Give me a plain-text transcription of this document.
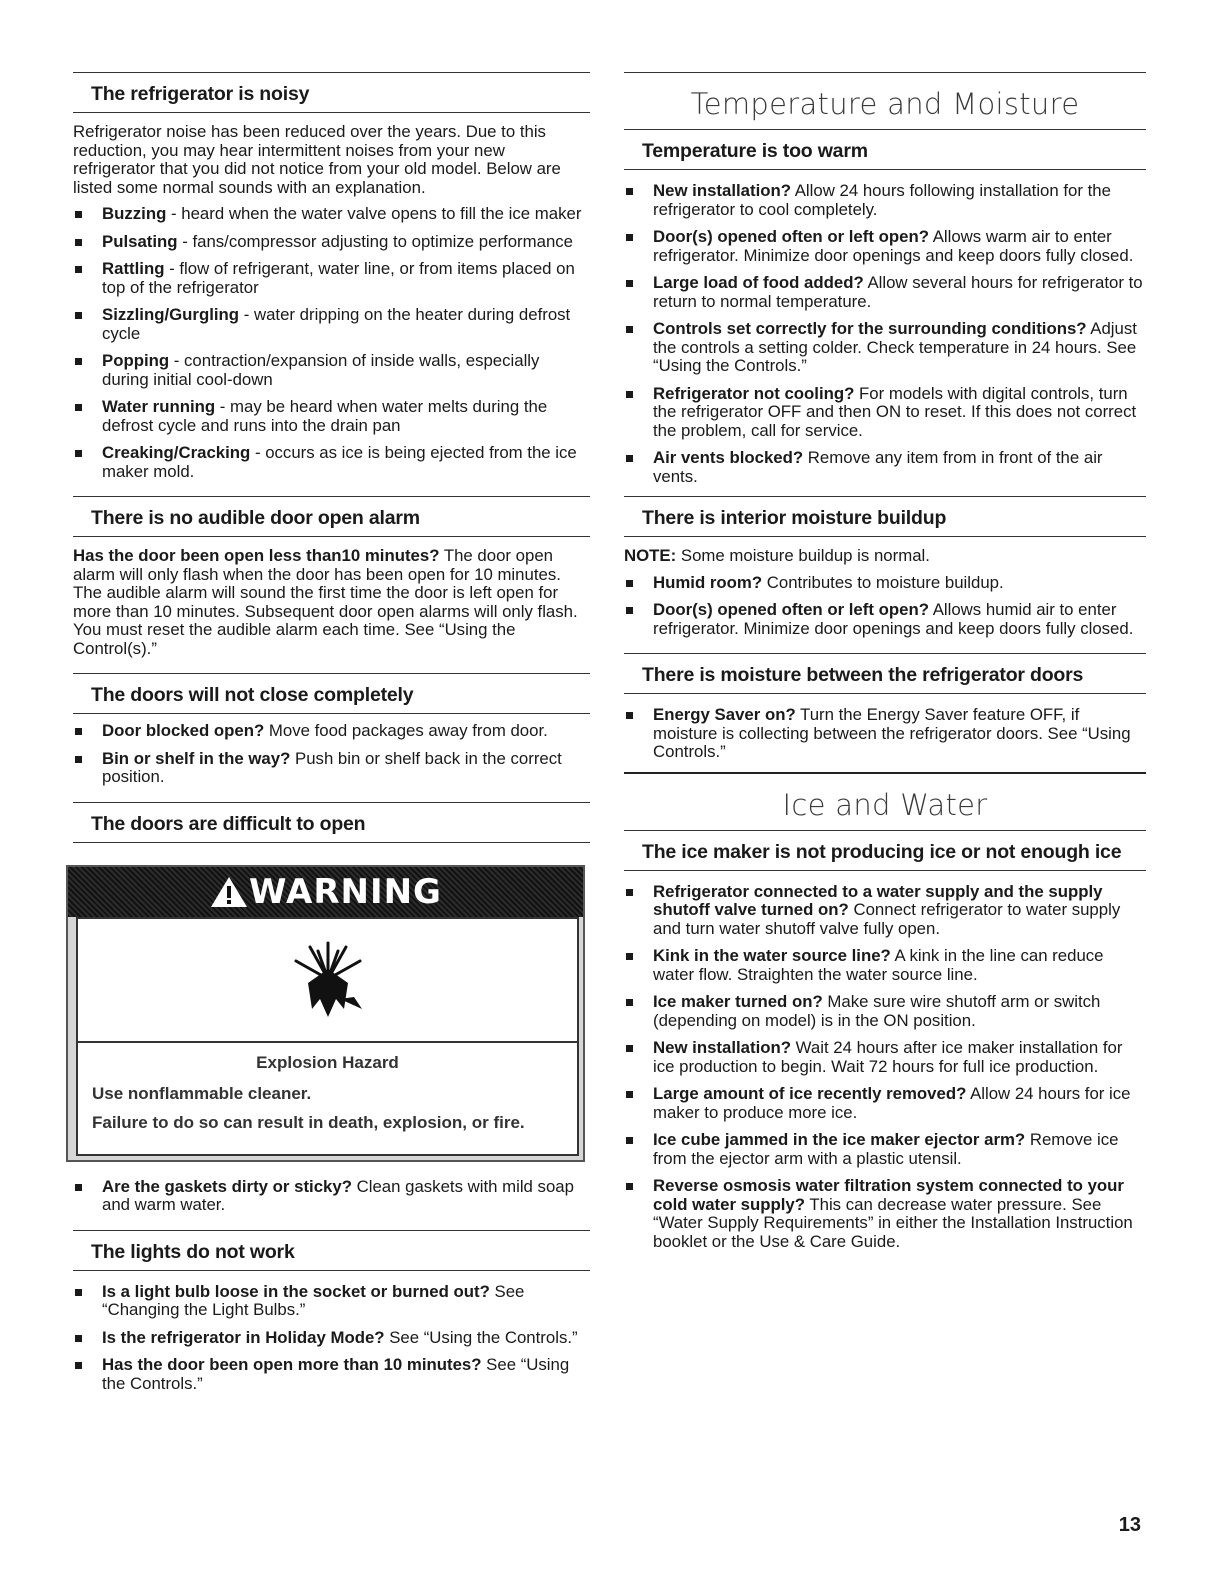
The refrigerator is noisy

Refrigerator noise has been reduced over the years. Due to this reduction, you may hear intermittent noises from your new refrigerator that you did not notice from your old model. Below are listed some normal sounds with an explanation.

Buzzing - heard when the water valve opens to fill the ice maker
Pulsating - fans/compressor adjusting to optimize performance
Rattling - flow of refrigerant, water line, or from items placed on top of the refrigerator
Sizzling/Gurgling - water dripping on the heater during defrost cycle
Popping - contraction/expansion of inside walls, especially during initial cool-down
Water running - may be heard when water melts during the defrost cycle and runs into the drain pan
Creaking/Cracking - occurs as ice is being ejected from the ice maker mold.
There is no audible door open alarm

Has the door been open less than10 minutes? The door open alarm will only flash when the door has been open for 10 minutes. The audible alarm will sound the first time the door is left open for more than 10 minutes. Subsequent door open alarms will only flash. You must reset the audible alarm each time. See “Using the Control(s).”

The doors will not close completely
Door blocked open? Move food packages away from door.
Bin or shelf in the way? Push bin or shelf back in the correct position.
The doors are difficult to open
WARNING
Explosion Hazard
Use nonflammable cleaner.
Failure to do so can result in death, explosion, or fire.
Are the gaskets dirty or sticky? Clean gaskets with mild soap and warm water.
The lights do not work
Is a light bulb loose in the socket or burned out? See “Changing the Light Bulbs.”
Is the refrigerator in Holiday Mode? See “Using the Controls.”
Has the door been open more than 10 minutes? See “Using the Controls.”
Temperature and Moisture
Temperature is too warm
New installation? Allow 24 hours following installation for the refrigerator to cool completely.
Door(s) opened often or left open? Allows warm air to enter refrigerator. Minimize door openings and keep doors fully closed.
Large load of food added? Allow several hours for refrigerator to return to normal temperature.
Controls set correctly for the surrounding conditions? Adjust the controls a setting colder. Check temperature in 24 hours. See “Using the Controls.”
Refrigerator not cooling? For models with digital controls, turn the refrigerator OFF and then ON to reset. If this does not correct the problem, call for service.
Air vents blocked? Remove any item from in front of the air vents.
There is interior moisture buildup

NOTE: Some moisture buildup is normal.

Humid room? Contributes to moisture buildup.
Door(s) opened often or left open? Allows humid air to enter refrigerator. Minimize door openings and keep doors fully closed.
There is moisture between the refrigerator doors
Energy Saver on? Turn the Energy Saver feature OFF, if moisture is collecting between the refrigerator doors. See “Using Controls.”
Ice and Water
The ice maker is not producing ice or not enough ice
Refrigerator connected to a water supply and the supply shutoff valve turned on? Connect refrigerator to water supply and turn water shutoff valve fully open.
Kink in the water source line? A kink in the line can reduce water flow. Straighten the water source line.
Ice maker turned on? Make sure wire shutoff arm or switch (depending on model) is in the ON position.
New installation? Wait 24 hours after ice maker installation for ice production to begin. Wait 72 hours for full ice production.
Large amount of ice recently removed? Allow 24 hours for ice maker to produce more ice.
Ice cube jammed in the ice maker ejector arm? Remove ice from the ejector arm with a plastic utensil.
Reverse osmosis water filtration system connected to your cold water supply? This can decrease water pressure. See “Water Supply Requirements” in either the Installation Instruction booklet or the Use & Care Guide.
13
